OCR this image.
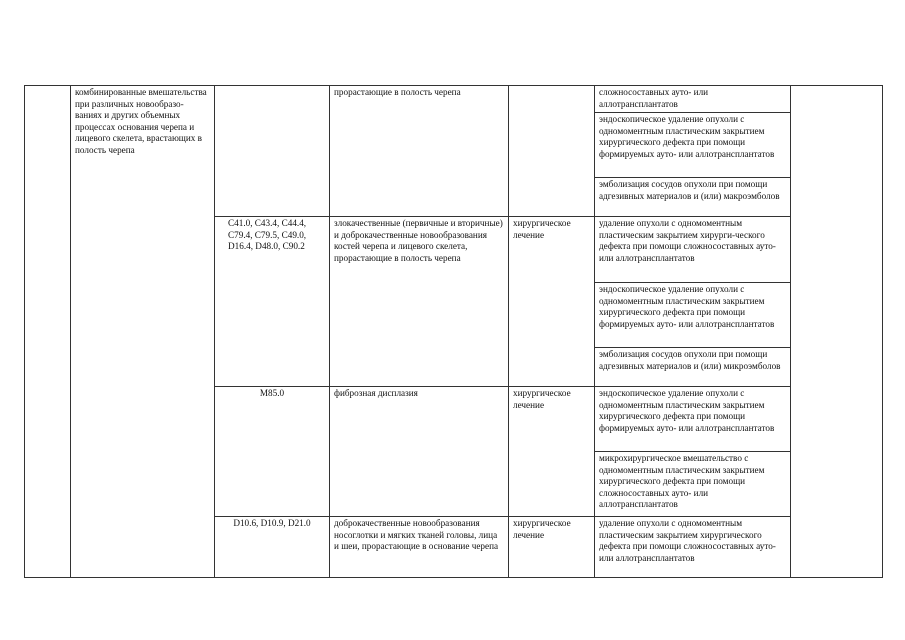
	комбинированные вмешательства при различных новообразо-ваниях и других объемных процессах основания черепа и лицевого скелета, врастающих в полость черепа		прорастающие в полость черепа		сложносоставных ауто- или аллотрансплантатов	
					эндоскопическое удаление опухоли с одномоментным пластическим закрытием хирургического дефекта при помощи формируемых ауто- или аллотрансплантатов	
					эмболизация сосудов опухоли при помощи адгезивных материалов и (или) макроэмболов	
		C41.0, C43.4, C44.4, C79.4, C79.5, C49.0, D16.4, D48.0, C90.2	злокачественные (первичные и вторичные) и доброкачественные новообразования костей черепа и лицевого скелета, прорастающие в полость черепа	хирургическое лечение	удаление опухоли с одномоментным пластическим закрытием хирурги-ческого дефекта при помощи сложносоставных ауто- или аллотрансплантатов	
					эндоскопическое удаление опухоли с одномоментным пластическим закрытием хирургического дефекта при помощи формируемых ауто- или аллотрансплантатов	
					эмболизация сосудов опухоли при помощи адгезивных материалов и (или) микроэмболов	
		M85.0	фиброзная дисплазия	хирургическое лечение	эндоскопическое удаление опухоли с одномоментным пластическим закрытием хирургического дефекта при помощи формируемых ауто- или аллотрансплантатов	
					микрохирургическое вмешательство с одномоментным пластическим закрытием хирургического дефекта при помощи сложносоставных ауто- или аллотрансплантатов	
		D10.6, D10.9, D21.0	доброкачественные новообразования носоглотки и мягких тканей головы, лица и шеи, прорастающие в основание черепа	хирургическое лечение	удаление опухоли с одномоментным пластическим закрытием хирургического дефекта при помощи сложносоставных ауто- или аллотрансплантатов	
